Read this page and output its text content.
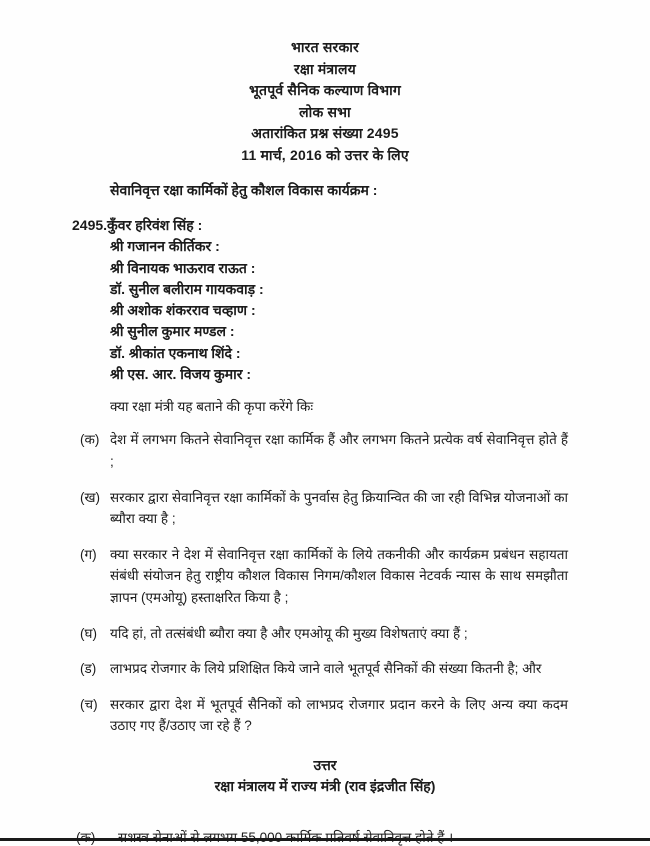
भारत सरकार
रक्षा मंत्रालय
भूतपूर्व सैनिक कल्याण विभाग
लोक सभा
अतारांकित प्रश्न संख्या 2495
11 मार्च, 2016 को उत्तर के लिए
सेवानिवृत्त रक्षा कार्मिकों हेतु कौशल विकास कार्यक्रम :
2495.कुँवर हरिवंश सिंह :
श्री गजानन कीर्तिकर :
श्री विनायक भाऊराव राऊत :
डॉ. सुनील बलीराम गायकवाड़ :
श्री अशोक शंकरराव चव्हाण :
श्री सुनील कुमार मण्डल :
डॉ. श्रीकांत एकनाथ शिंदे :
श्री एस. आर. विजय कुमार :
क्या रक्षा मंत्री यह बताने की कृपा करेंगे किः
(क) देश में लगभग कितने सेवानिवृत्त रक्षा कार्मिक हैं और लगभग कितने प्रत्येक वर्ष सेवानिवृत्त होते हैं ;
(ख) सरकार द्वारा सेवानिवृत्त रक्षा कार्मिकों के पुनर्वास हेतु क्रियान्वित की जा रही विभिन्न योजनाओं का ब्यौरा क्या है ;
(ग) क्या सरकार ने देश में सेवानिवृत्त रक्षा कार्मिकों के लिये तकनीकी और कार्यक्रम प्रबंधन सहायता संबंधी संयोजन हेतु राष्ट्रीय कौशल विकास निगम/कौशल विकास नेटवर्क न्यास के साथ समझौता ज्ञापन (एमओयू) हस्ताक्षरित किया है ;
(घ) यदि हां, तो तत्संबंधी ब्यौरा क्या है और एमओयू की मुख्य विशेषताएं क्या हैं ;
(ड)	लाभप्रद रोजगार के लिये प्रशिक्षित किये जाने वाले भूतपूर्व सैनिकों की संख्या कितनी है; और
(च) सरकार द्वारा देश में भूतपूर्व सैनिकों को लाभप्रद रोजगार प्रदान करने के लिए अन्य क्या कदम उठाए गए हैं/उठाए जा रहे हैं ?
उत्तर
रक्षा मंत्रालय में राज्य मंत्री (राव इंद्रजीत सिंह)
